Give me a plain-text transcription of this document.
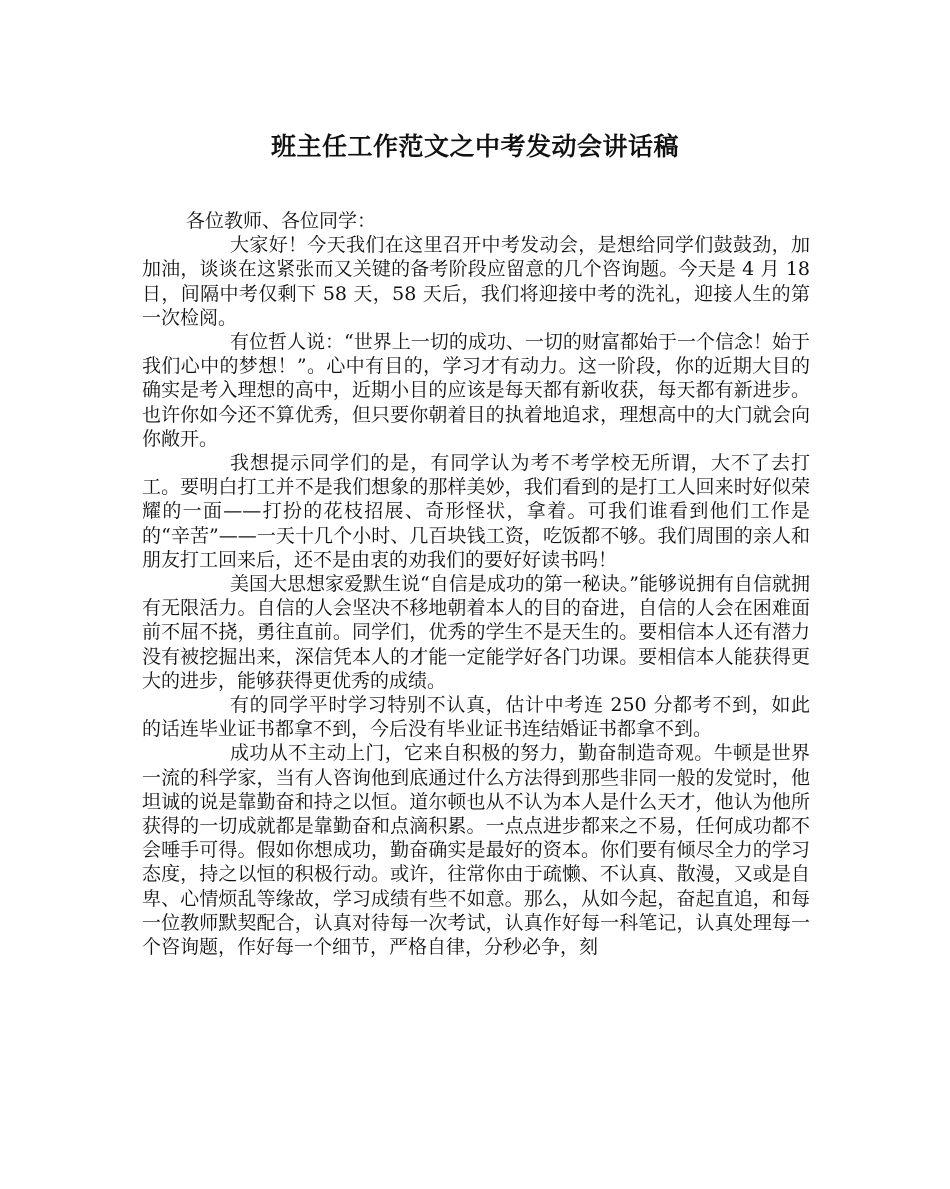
班主任工作范文之中考发动会讲话稿

各位教师、各位同学：

大家好！今天我们在这里召开中考发动会，是想给同学们鼓鼓劲，加加油，谈谈在这紧张而又关键的备考阶段应留意的几个咨询题。今天是 4 月 18 日，间隔中考仅剩下 58 天，58 天后，我们将迎接中考的洗礼，迎接人生的第一次检阅。

有位哲人说：“世界上一切的成功、一切的财富都始于一个信念！始于我们心中的梦想！”。心中有目的，学习才有动力。这一阶段，你的近期大目的确实是考入理想的高中，近期小目的应该是每天都有新收获，每天都有新进步。也许你如今还不算优秀，但只要你朝着目的执着地追求，理想高中的大门就会向你敞开。

我想提示同学们的是，有同学认为考不考学校无所谓，大不了去打工。要明白打工并不是我们想象的那样美妙，我们看到的是打工人回来时好似荣耀的一面——打扮的花枝招展、奇形怪状，拿着。可我们谁看到他们工作是的“辛苦”——一天十几个小时、几百块钱工资，吃饭都不够。我们周围的亲人和朋友打工回来后，还不是由衷的劝我们的要好好读书吗！

美国大思想家爱默生说“自信是成功的第一秘诀。”能够说拥有自信就拥有无限活力。自信的人会坚决不移地朝着本人的目的奋进，自信的人会在困难面前不屈不挠，勇往直前。同学们，优秀的学生不是天生的。要相信本人还有潜力没有被挖掘出来，深信凭本人的才能一定能学好各门功课。要相信本人能获得更大的进步，能够获得更优秀的成绩。

有的同学平时学习特别不认真，估计中考连 250 分都考不到，如此的话连毕业证书都拿不到，今后没有毕业证书连结婚证书都拿不到。

成功从不主动上门，它来自积极的努力，勤奋制造奇观。牛顿是世界一流的科学家，当有人咨询他到底通过什么方法得到那些非同一般的发觉时，他坦诚的说是靠勤奋和持之以恒。道尔顿也从不认为本人是什么天才，他认为他所获得的一切成就都是靠勤奋和点滴积累。一点点进步都来之不易，任何成功都不会唾手可得。假如你想成功，勤奋确实是最好的资本。你们要有倾尽全力的学习态度，持之以恒的积极行动。或许，往常你由于疏懒、不认真、散漫，又或是自卑、心情烦乱等缘故，学习成绩有些不如意。那么，从如今起，奋起直追，和每一位教师默契配合，认真对待每一次考试，认真作好每一科笔记，认真处理每一个咨询题，作好每一个细节，严格自律，分秒必争，刻
